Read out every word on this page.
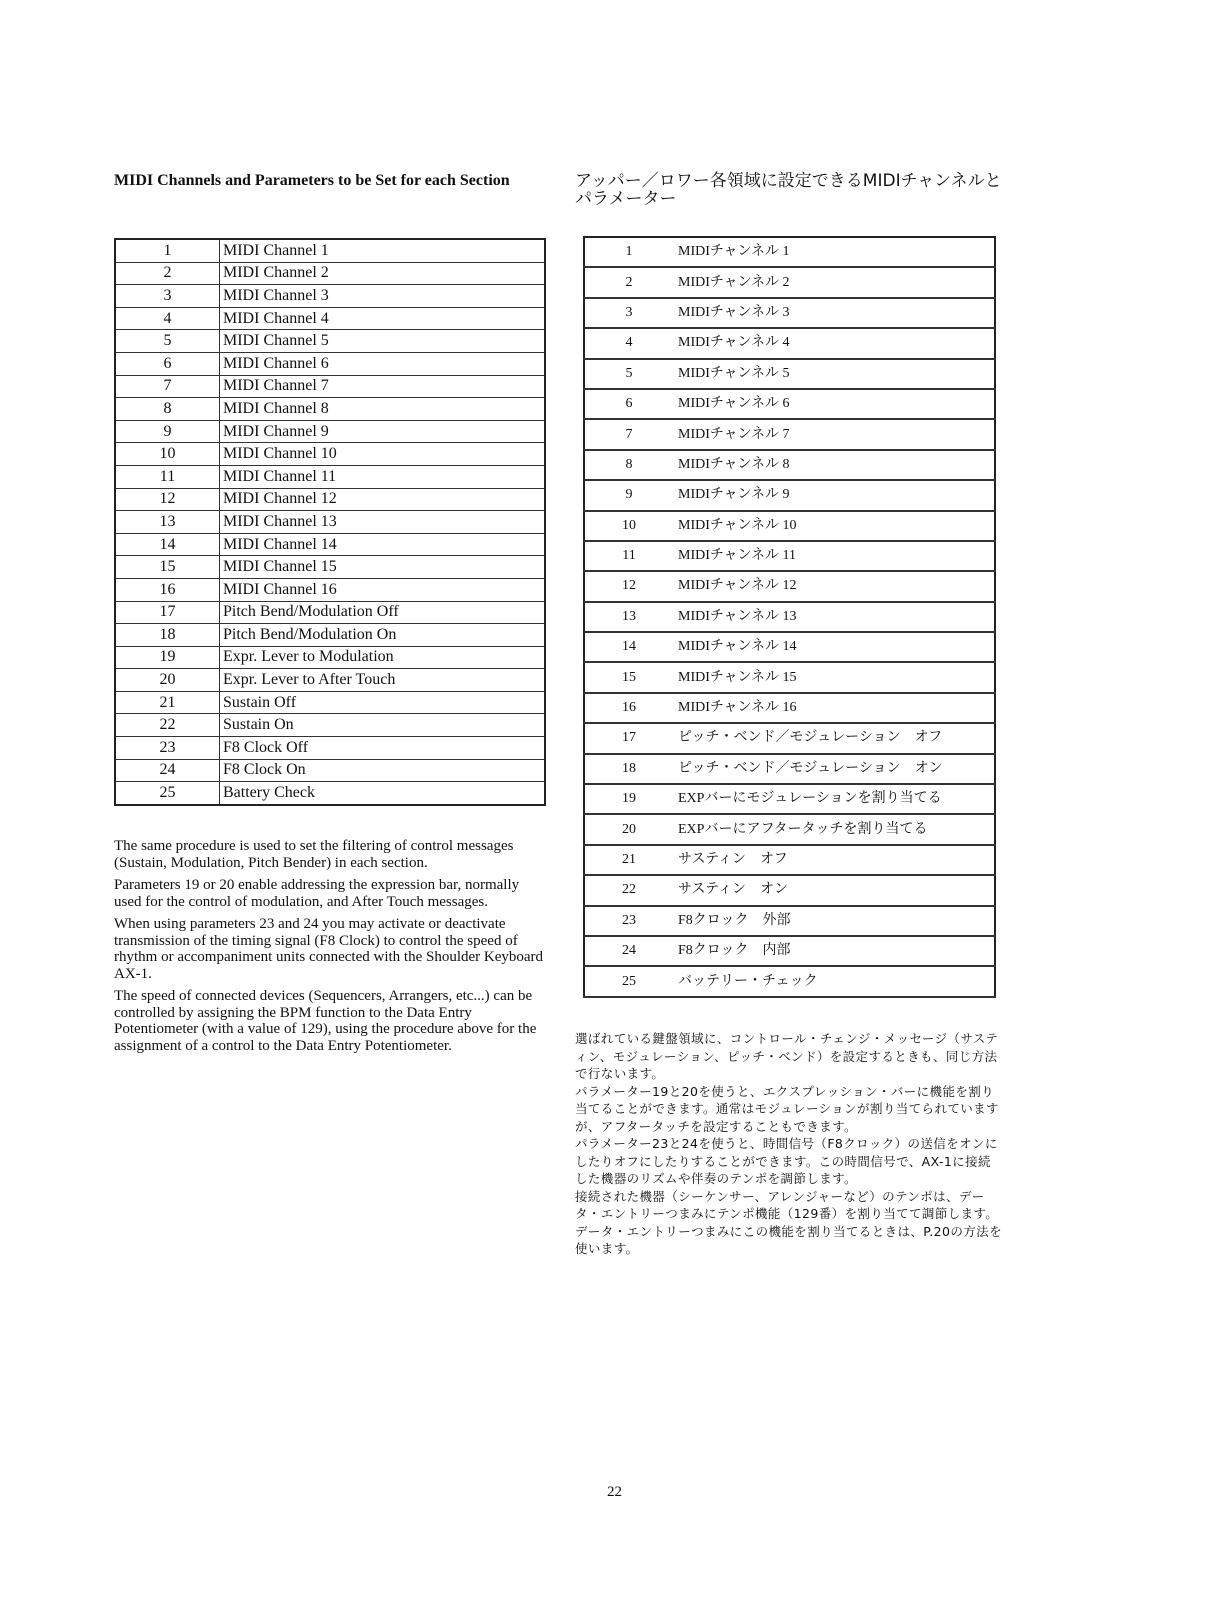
MIDI Channels and Parameters to be Set for each Section	アッパー／ロワー各領域に設定できるMIDIチャンネルとパラメーター
1	MIDI Channel 1
2	MIDI Channel 2
3	MIDI Channel 3
4	MIDI Channel 4
5	MIDI Channel 5
6	MIDI Channel 6
7	MIDI Channel 7
8	MIDI Channel 8
9	MIDI Channel 9
10	MIDI Channel 10
11	MIDI Channel 11
12	MIDI Channel 12
13	MIDI Channel 13
14	MIDI Channel 14
15	MIDI Channel 15
16	MIDI Channel 16
17	Pitch Bend/Modulation Off
18	Pitch Bend/Modulation On
19	Expr. Lever to Modulation
20	Expr. Lever to After Touch
21	Sustain Off
22	Sustain On
23	F8 Clock Off
24	F8 Clock On
25	Battery Check
1	MIDIチャンネル 1
2	MIDIチャンネル 2
3	MIDIチャンネル 3
4	MIDIチャンネル 4
5	MIDIチャンネル 5
6	MIDIチャンネル 6
7	MIDIチャンネル 7
8	MIDIチャンネル 8
9	MIDIチャンネル 9
10	MIDIチャンネル 10
11	MIDIチャンネル 11
12	MIDIチャンネル 12
13	MIDIチャンネル 13
14	MIDIチャンネル 14
15	MIDIチャンネル 15
16	MIDIチャンネル 16
17	ピッチ・ベンド／モジュレーション　オフ
18	ピッチ・ベンド／モジュレーション　オン
19	EXPバーにモジュレーションを割り当てる
20	EXPバーにアフタータッチを割り当てる
21	サスティン　オフ
22	サスティン　オン
23	F8クロック　外部
24	F8クロック　内部
25	バッテリー・チェック

The same procedure is used to set the filtering of control messages (Sustain, Modulation, Pitch Bender) in each section.

Parameters 19 or 20 enable addressing the expression bar, normally used for the control of modulation, and After Touch messages.

When using parameters 23 and 24 you may activate or deactivate transmission of the timing signal (F8 Clock) to control the speed of rhythm or accompaniment units connected with the Shoulder Keyboard AX-1.

The speed of connected devices (Sequencers, Arrangers, etc...) can be controlled by assigning the BPM function to the Data Entry Potentiometer (with a value of 129), using the procedure above for the assignment of a control to the Data Entry Potentiometer.	選ばれている鍵盤領域に、コントロール・チェンジ・メッセージ（サスティン、モジュレーション、ピッチ・ベンド）を設定するときも、同じ方法で行ないます。

パラメーター19と20を使うと、エクスプレッション・バーに機能を割り当てることができます。通常はモジュレーションが割り当てられていますが、アフタータッチを設定することもできます。

パラメーター23と24を使うと、時間信号（F8クロック）の送信をオンにしたりオフにしたりすることができます。この時間信号で、AX-1に接続した機器のリズムや伴奏のテンポを調節します。

接続された機器（シーケンサー、アレンジャーなど）のテンポは、データ・エントリーつまみにテンポ機能（129番）を割り当てて調節します。データ・エントリーつまみにこの機能を割り当てるときは、P.20の方法を使います。

22
